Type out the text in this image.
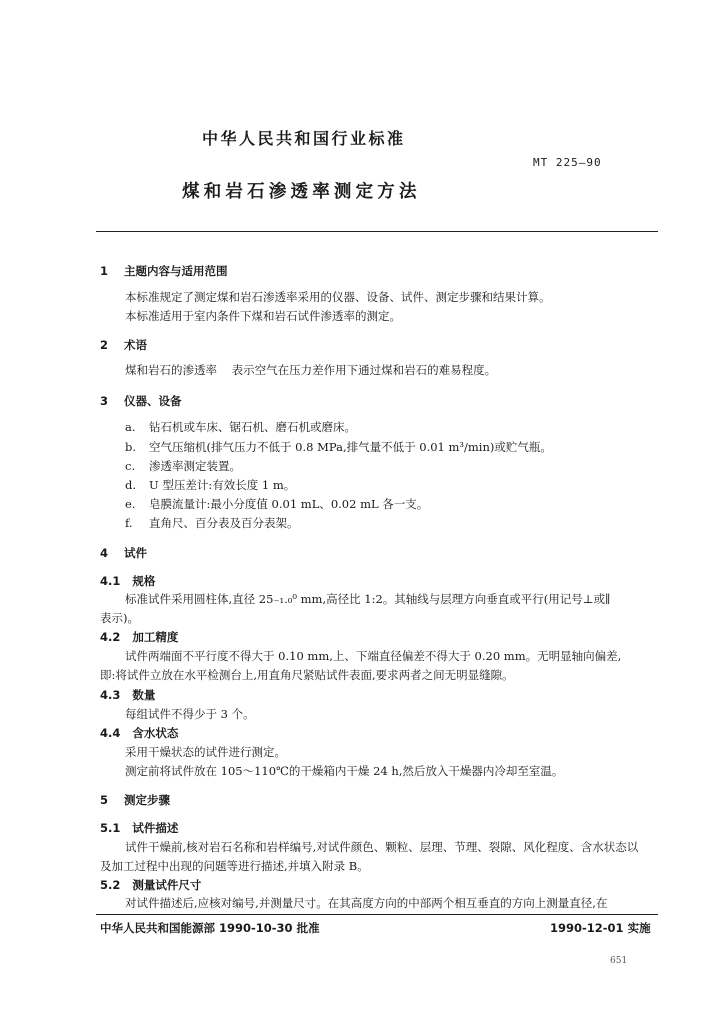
中华人民共和国行业标准
MT 225—90
煤和岩石渗透率测定方法
1 主题内容与适用范围
本标准规定了测定煤和岩石渗透率采用的仪器、设备、试件、测定步骤和结果计算。
本标准适用于室内条件下煤和岩石试件渗透率的测定。
2 术语
煤和岩石的渗透率 表示空气在压力差作用下通过煤和岩石的难易程度。
3 仪器、设备
a. 钻石机或车床、锯石机、磨石机或磨床。
b. 空气压缩机(排气压力不低于 0.8 MPa,排气量不低于 0.01 m³/min)或贮气瓶。
c. 渗透率测定装置。
d. U 型压差计:有效长度 1 m。
e. 皂膜流量计:最小分度值 0.01 mL、0.02 mL 各一支。
f. 直角尺、百分表及百分表架。
4 试件
4.1 规格
标准试件采用圆柱体,直径 25₋₁.₀⁰ mm,高径比 1:2。其轴线与层理方向垂直或平行(用记号⊥或∥
表示)。
4.2 加工精度
试件两端面不平行度不得大于 0.10 mm,上、下端直径偏差不得大于 0.20 mm。无明显轴向偏差,
即:将试件立放在水平检测台上,用直角尺紧贴试件表面,要求两者之间无明显缝隙。
4.3 数量
每组试件不得少于 3 个。
4.4 含水状态
采用干燥状态的试件进行测定。
测定前将试件放在 105～110℃的干燥箱内干燥 24 h,然后放入干燥器内冷却至室温。
5 测定步骤
5.1 试件描述
试件干燥前,核对岩石名称和岩样编号,对试件颜色、颗粒、层理、节理、裂隙、风化程度、含水状态以
及加工过程中出现的问题等进行描述,并填入附录 B。
5.2 测量试件尺寸
对试件描述后,应核对编号,并测量尺寸。在其高度方向的中部两个相互垂直的方向上测量直径,在
中华人民共和国能源部 1990-10-30 批准	1990-12-01 实施
651
